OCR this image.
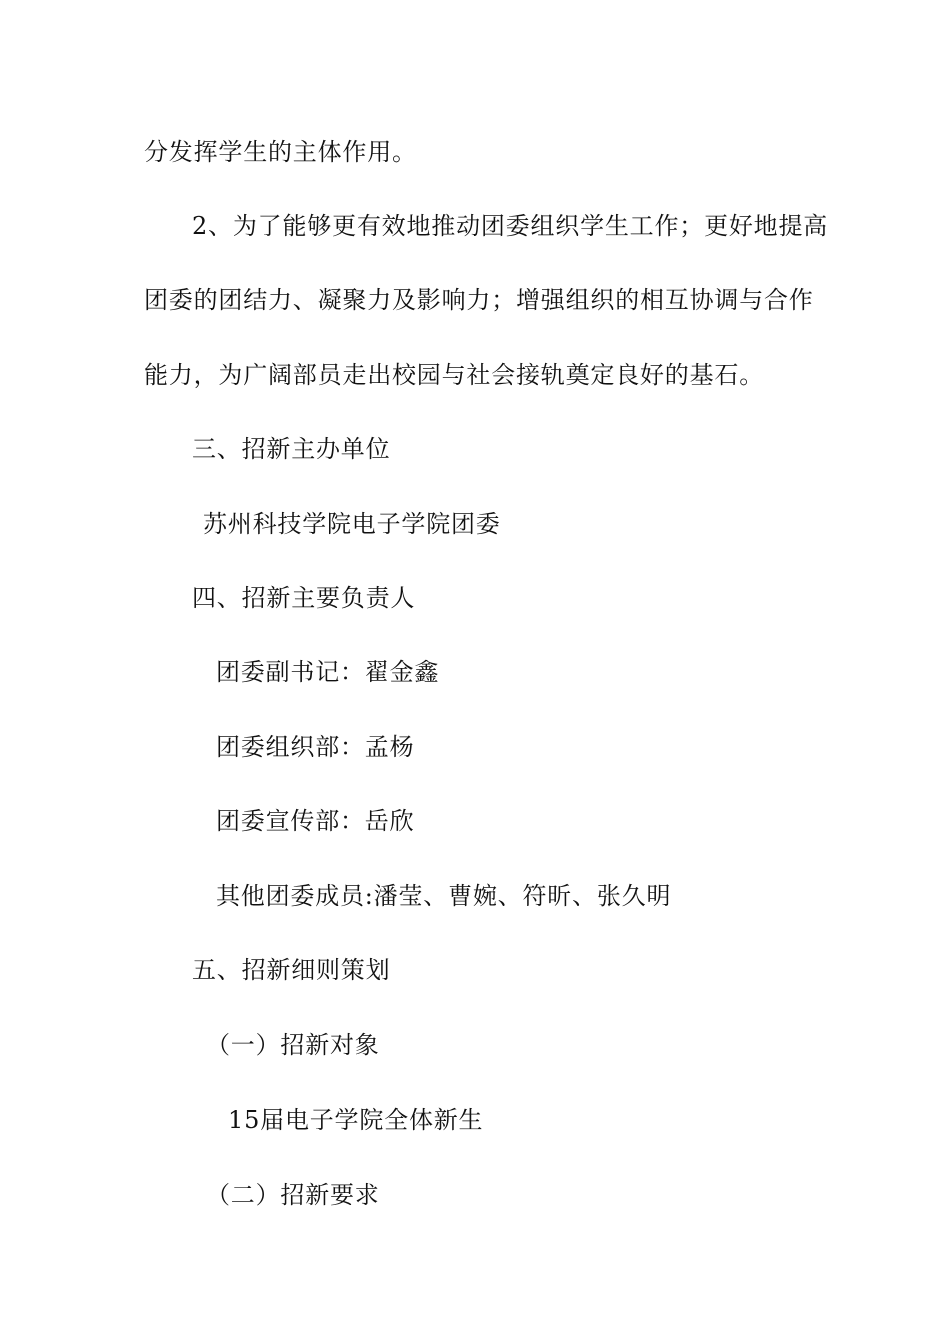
分发挥学生的主体作用。
2、为了能够更有效地推动团委组织学生工作；更好地提高
团委的团结力、凝聚力及影响力；增强组织的相互协调与合作
能力，为广阔部员走出校园与社会接轨奠定良好的基石。
三、招新主办单位
苏州科技学院电子学院团委
四、招新主要负责人
团委副书记：翟金鑫
团委组织部：孟杨
团委宣传部：岳欣
其他团委成员:潘莹、曹婉、符昕、张久明
五、招新细则策划
（一）招新对象
15届电子学院全体新生
（二）招新要求
